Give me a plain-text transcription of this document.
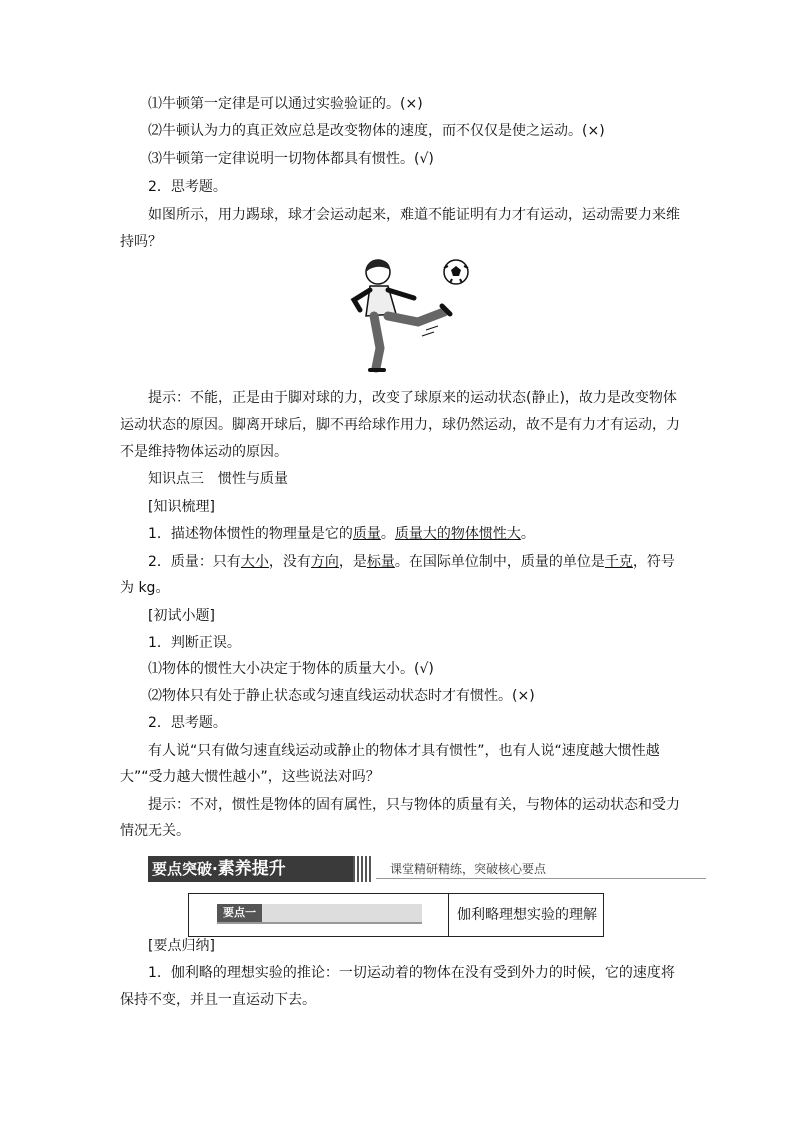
⑴牛顿第一定律是可以通过实验验证的。(×)
⑵牛顿认为力的真正效应总是改变物体的速度，而不仅仅是使之运动。(×)
⑶牛顿第一定律说明一切物体都具有惯性。(√)
2．思考题。
如图所示，用力踢球，球才会运动起来，难道不能证明有力才有运动，运动需要力来维
持吗？
提示：不能，正是由于脚对球的力，改变了球原来的运动状态(静止)，故力是改变物体
运动状态的原因。脚离开球后，脚不再给球作用力，球仍然运动，故不是有力才有运动，力
不是维持物体运动的原因。
知识点三　惯性与质量
[知识梳理]
1．描述物体惯性的物理量是它的质量。质量大的物体惯性大。
2．质量：只有大小，没有方向，是标量。在国际单位制中，质量的单位是千克，符号
为 kg。
[初试小题]
1．判断正误。
⑴物体的惯性大小决定于物体的质量大小。(√)
⑵物体只有处于静止状态或匀速直线运动状态时才有惯性。(×)
2．思考题。
有人说“只有做匀速直线运动或静止的物体才具有惯性”，也有人说“速度越大惯性越
大”“受力越大惯性越小”，这些说法对吗？
提示：不对，惯性是物体的固有属性，只与物体的质量有关，与物体的运动状态和受力
情况无关。
要点突破·素养提升	课堂精研精练，突破核心要点
要点一	伽利略理想实验的理解
[要点归纳]
1．伽利略的理想实验的推论：一切运动着的物体在没有受到外力的时候，它的速度将
保持不变，并且一直运动下去。
